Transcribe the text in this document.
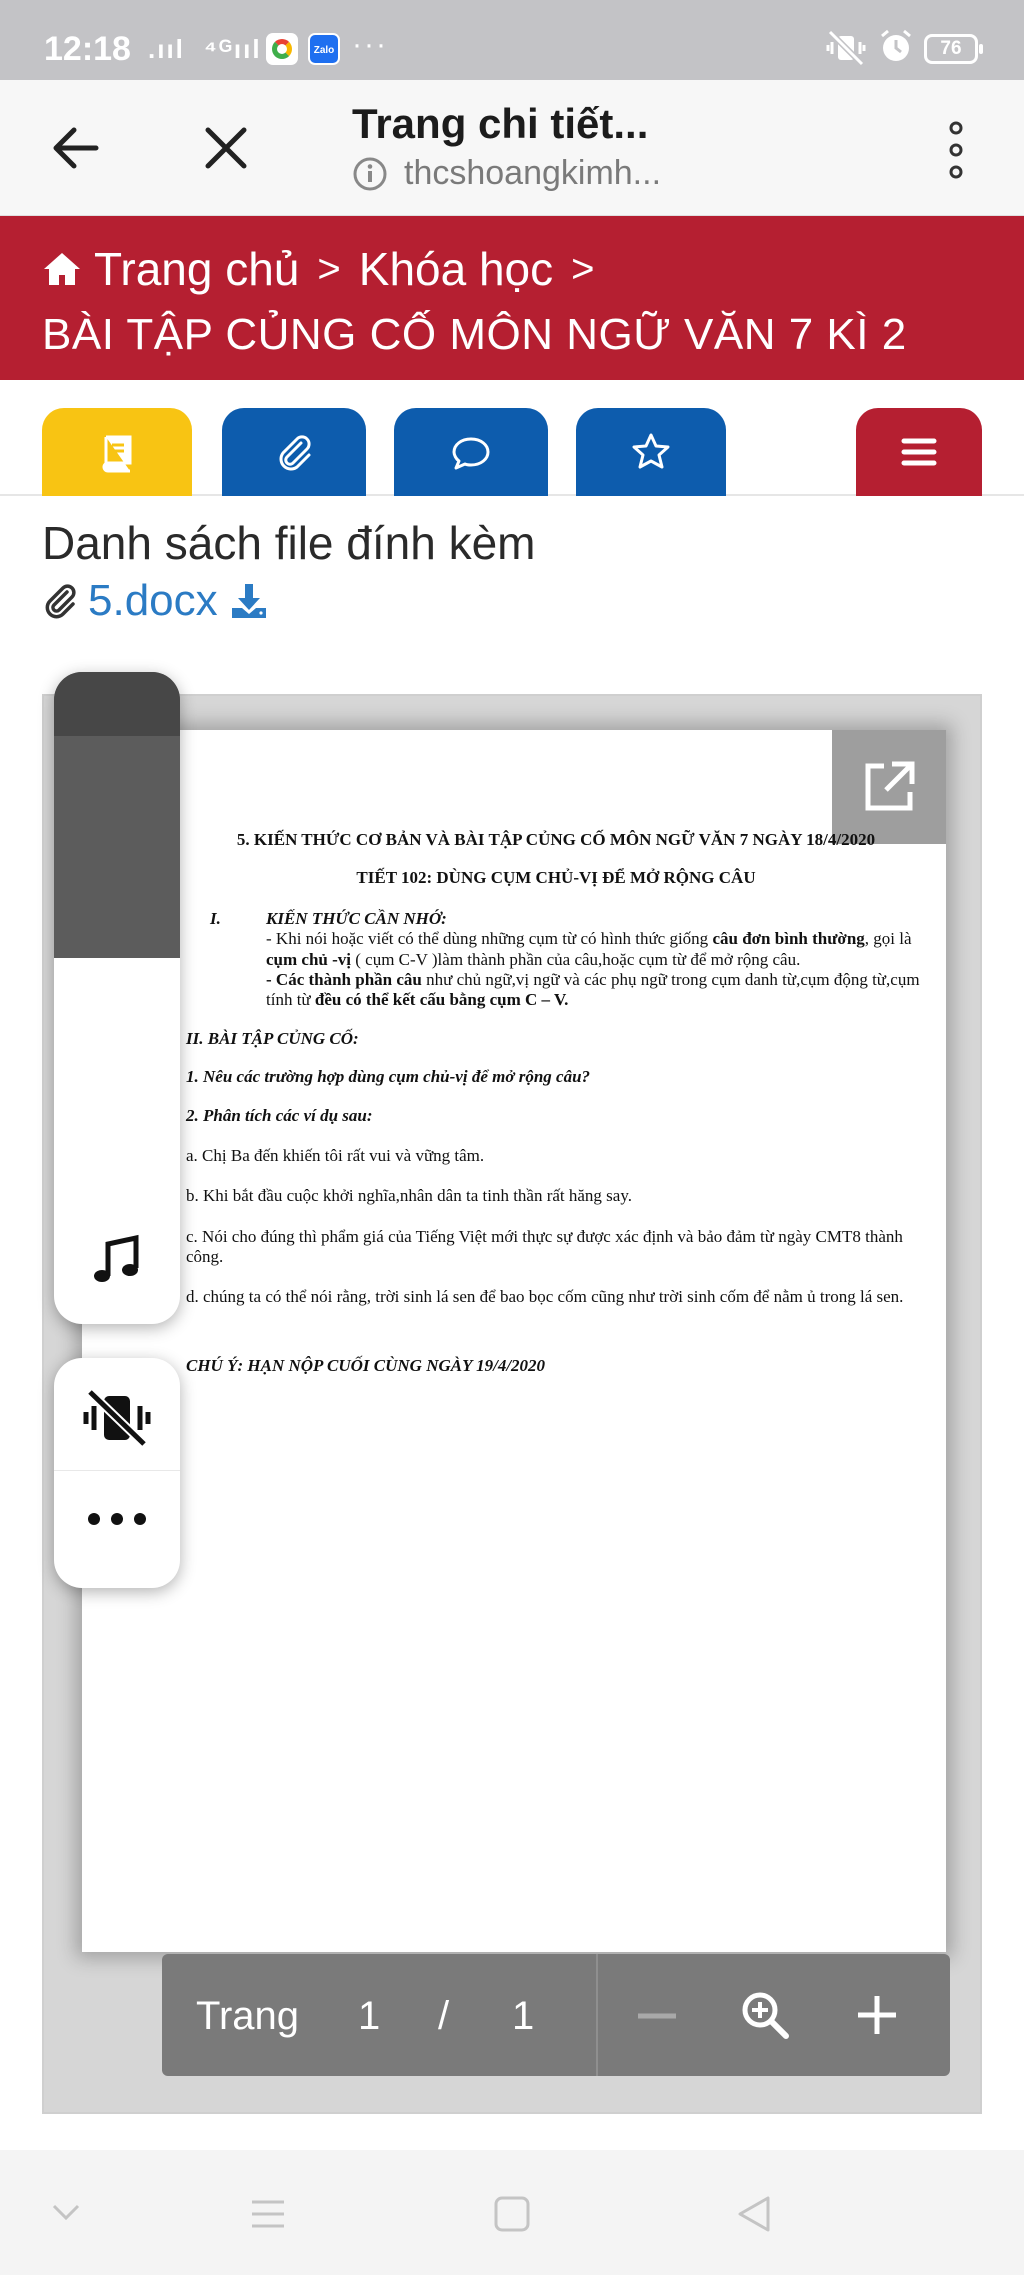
12:18 .ııl ⁴ᴳııl	Zalo ···	76
Trang chi tiết...
thcshoangkimh...
Trang chủ > Khóa học >
BÀI TẬP CỦNG CỐ MÔN NGỮ VĂN 7 KÌ 2
Danh sách file đính kèm
5.docx
5. KIẾN THỨC CƠ BẢN VÀ BÀI TẬP CỦNG CỐ MÔN NGỮ VĂN 7 NGÀY 18/4/2020
TIẾT 102: DÙNG CỤM CHỦ-VỊ ĐỂ MỞ RỘNG CÂU
I.	KIẾN THỨC CẦN NHỚ:
- Khi nói hoặc viết có thể dùng những cụm từ có hình thức giống câu đơn bình thường, gọi là cụm chủ -vị ( cụm C-V )làm thành phần của câu,hoặc cụm từ để mở rộng câu.
- Các thành phần câu như chủ ngữ,vị ngữ và các phụ ngữ trong cụm danh từ,cụm động từ,cụm tính từ đều có thể kết cấu bằng cụm C – V.
II. BÀI TẬP CỦNG CỐ:
1. Nêu các trường hợp dùng cụm chủ-vị để mở rộng câu?
2. Phân tích các ví dụ sau:
a. Chị Ba đến khiến tôi rất vui và vững tâm.
b. Khi bắt đầu cuộc khởi nghĩa,nhân dân ta tinh thần rất hăng say.
c. Nói cho đúng thì phẩm giá của Tiếng Việt mới thực sự được xác định và bảo đảm từ ngày CMT8 thành công.
d. chúng ta có thể nói rằng, trời sinh lá sen để bao bọc cốm cũng như trời sinh cốm để nằm ủ trong lá sen.
CHÚ Ý: HẠN NỘP CUỐI CÙNG NGÀY 19/4/2020
Trang 1 / 1
